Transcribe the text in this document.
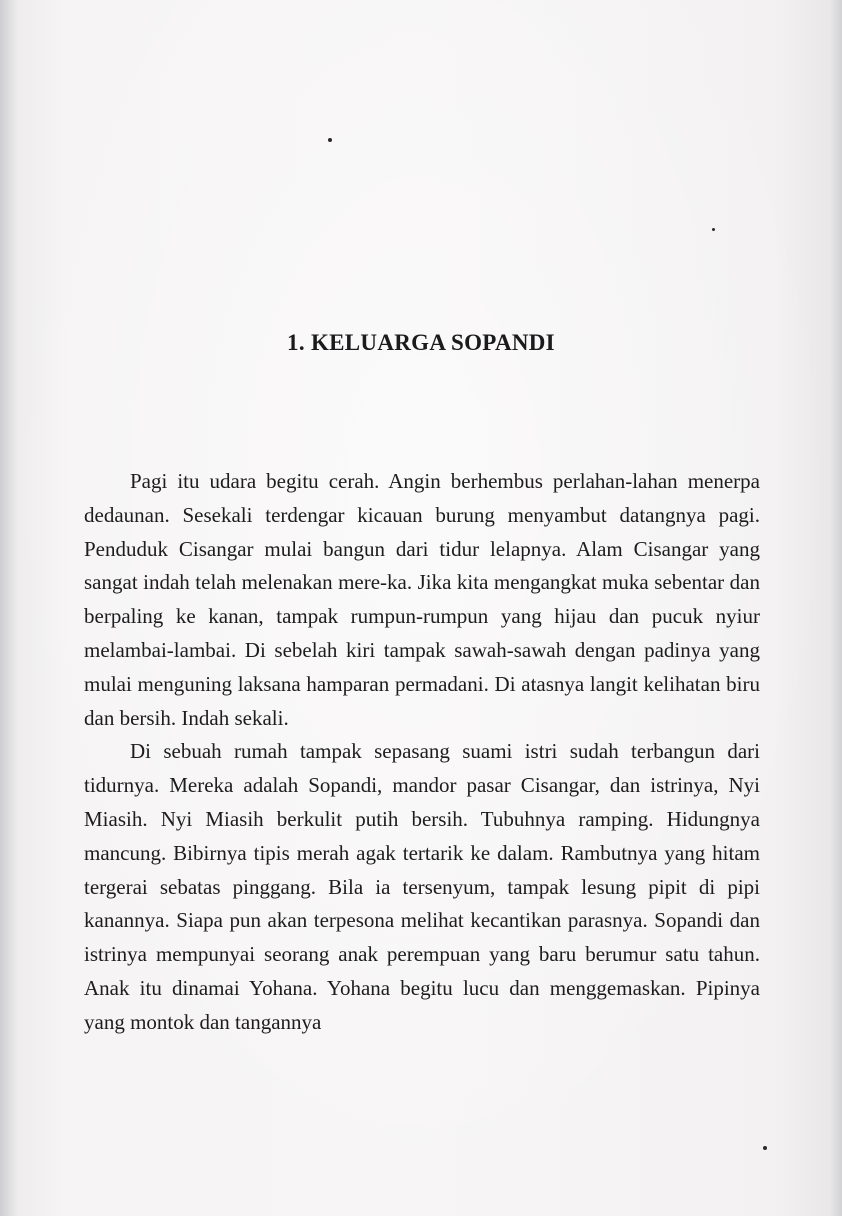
1. KELUARGA SOPANDI

Pagi itu udara begitu cerah. Angin berhembus perlahan-lahan menerpa dedaunan. Sesekali terdengar kicauan burung menyambut datangnya pagi. Penduduk Cisangar mulai bangun dari tidur lelapnya. Alam Cisangar yang sangat indah telah melenakan mere-ka. Jika kita mengangkat muka sebentar dan berpaling ke kanan, tampak rumpun-rumpun yang hijau dan pucuk nyiur melambai-lambai. Di sebelah kiri tampak sawah-sawah dengan padinya yang mulai menguning laksana hamparan permadani. Di atasnya langit kelihatan biru dan bersih. Indah sekali.

Di sebuah rumah tampak sepasang suami istri sudah terbangun dari tidurnya. Mereka adalah Sopandi, mandor pasar Cisangar, dan istrinya, Nyi Miasih. Nyi Miasih berkulit putih bersih. Tubuhnya ramping. Hidungnya mancung. Bibirnya tipis merah agak tertarik ke dalam. Rambutnya yang hitam tergerai sebatas pinggang. Bila ia tersenyum, tampak lesung pipit di pipi kanannya. Siapa pun akan terpesona melihat kecantikan parasnya. Sopandi dan istrinya mempunyai seorang anak perempuan yang baru berumur satu tahun. Anak itu dinamai Yohana. Yohana begitu lucu dan menggemaskan. Pipinya yang montok dan tangannya
